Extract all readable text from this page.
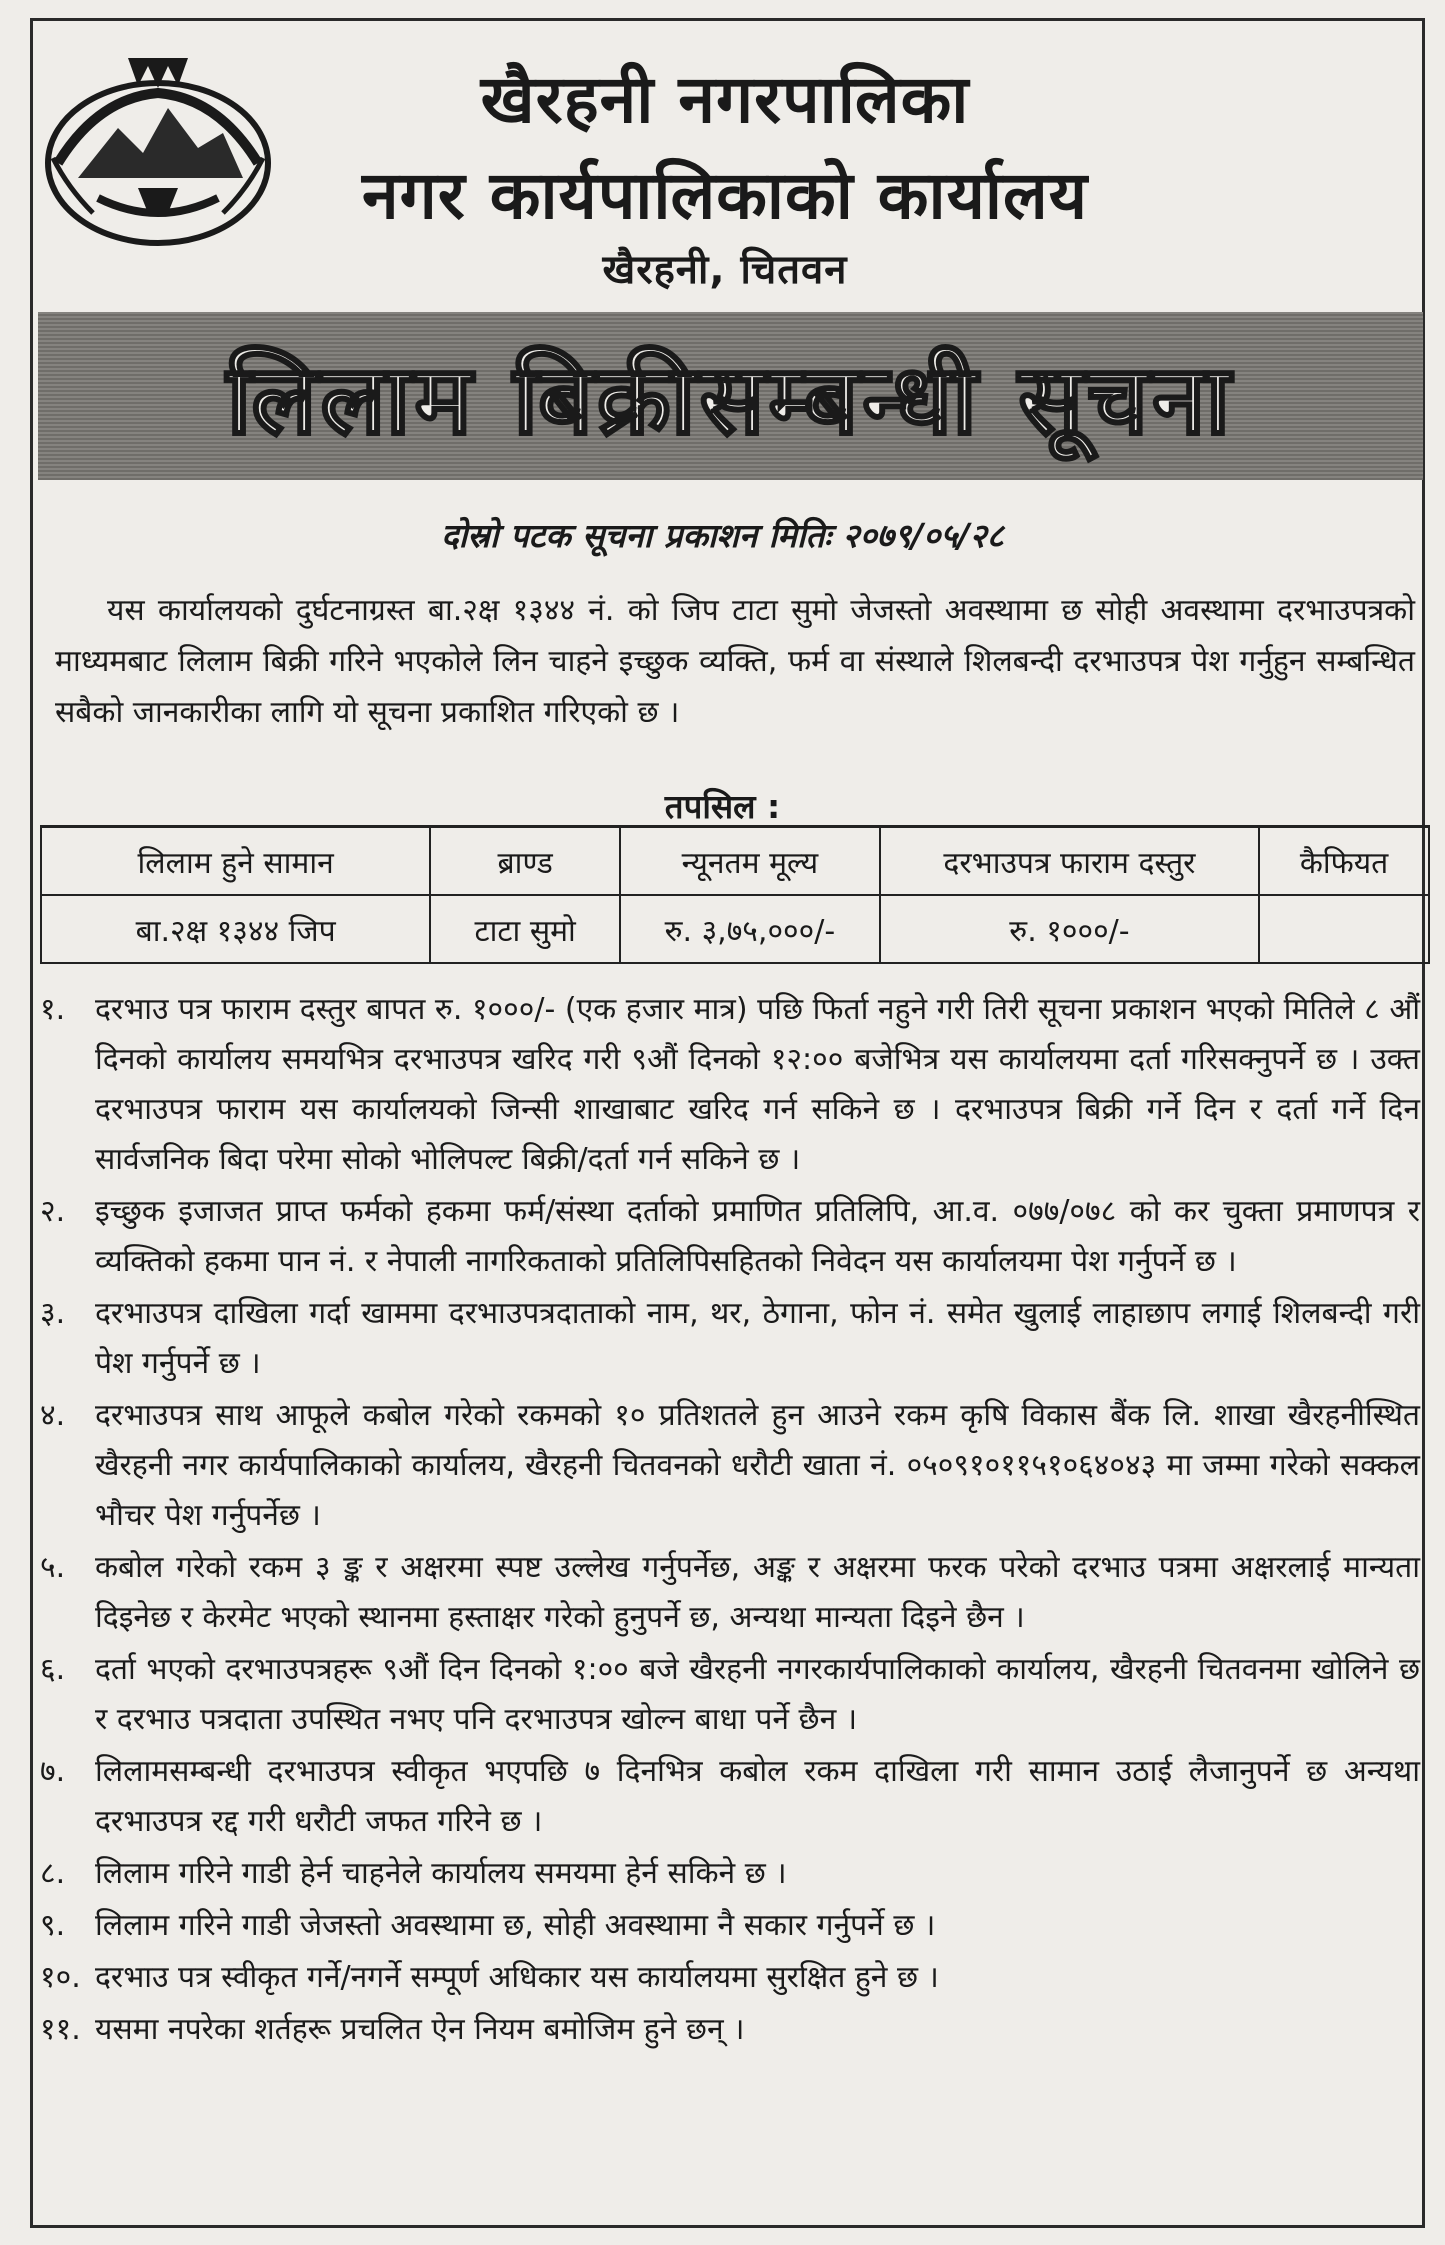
खैरहनी नगरपालिका
नगर कार्यपालिकाको कार्यालय
खैरहनी, चितवन
लिलाम बिक्रीसम्बन्धी सूचना
दोस्रो पटक सूचना प्रकाशन मितिः २०७९/०५/२८
यस कार्यालयको दुर्घटनाग्रस्त बा.२क्ष १३४४ नं. को जिप टाटा सुमो जेजस्तो अवस्थामा छ सोही अवस्थामा दरभाउपत्रको माध्यमबाट लिलाम बिक्री गरिने भएकोले लिन चाहने इच्छुक व्यक्ति, फर्म वा संस्थाले शिलबन्दी दरभाउपत्र पेश गर्नुहुन सम्बन्धित सबैको जानकारीका लागि यो सूचना प्रकाशित गरिएको छ ।
तपसिल :
लिलाम हुने सामान	ब्राण्ड	न्यूनतम मूल्य	दरभाउपत्र फाराम दस्तुर	कैफियत
बा.२क्ष १३४४ जिप	टाटा सुमो	रु. ३,७५,०००/-	रु. १०००/-	
१. दरभाउ पत्र फाराम दस्तुर बापत रु. १०००/- (एक हजार मात्र) पछि फिर्ता नहुने गरी तिरी सूचना प्रकाशन भएको मितिले ८ औं दिनको कार्यालय समयभित्र दरभाउपत्र खरिद गरी ९औं दिनको १२:०० बजेभित्र यस कार्यालयमा दर्ता गरिसक्नुपर्ने छ । उक्त दरभाउपत्र फाराम यस कार्यालयको जिन्सी शाखाबाट खरिद गर्न सकिने छ । दरभाउपत्र बिक्री गर्ने दिन र दर्ता गर्ने दिन सार्वजनिक बिदा परेमा सोको भोलिपल्ट बिक्री/दर्ता गर्न सकिने छ ।
२. इच्छुक इजाजत प्राप्त फर्मको हकमा फर्म/संस्था दर्ताको प्रमाणित प्रतिलिपि, आ.व. ०७७/०७८ को कर चुक्ता प्रमाणपत्र र व्यक्तिको हकमा पान नं. र नेपाली नागरिकताको प्रतिलिपिसहितको निवेदन यस कार्यालयमा पेश गर्नुपर्ने छ ।
३. दरभाउपत्र दाखिला गर्दा खाममा दरभाउपत्रदाताको नाम, थर, ठेगाना, फोन नं. समेत खुलाई लाहाछाप लगाई शिलबन्दी गरी पेश गर्नुपर्ने छ ।
४. दरभाउपत्र साथ आफूले कबोल गरेको रकमको १० प्रतिशतले हुन आउने रकम कृषि विकास बैंक लि. शाखा खैरहनीस्थित खैरहनी नगर कार्यपालिकाको कार्यालय, खैरहनी चितवनको धरौटी खाता नं. ०५०९१०११५१०६४०४३ मा जम्मा गरेको सक्कल भौचर पेश गर्नुपर्नेछ ।
५. कबोल गरेको रकम ३ ङ्क र अक्षरमा स्पष्ट उल्लेख गर्नुपर्नेछ, अङ्क र अक्षरमा फरक परेको दरभाउ पत्रमा अक्षरलाई मान्यता दिइनेछ र केरमेट भएको स्थानमा हस्ताक्षर गरेको हुनुपर्ने छ, अन्यथा मान्यता दिइने छैन ।
६. दर्ता भएको दरभाउपत्रहरू ९औं दिन दिनको १:०० बजे खैरहनी नगरकार्यपालिकाको कार्यालय, खैरहनी चितवनमा खोलिने छ र दरभाउ पत्रदाता उपस्थित नभए पनि दरभाउपत्र खोल्न बाधा पर्ने छैन ।
७. लिलामसम्बन्धी दरभाउपत्र स्वीकृत भएपछि ७ दिनभित्र कबोल रकम दाखिला गरी सामान उठाई लैजानुपर्ने छ अन्यथा दरभाउपत्र रद्द गरी धरौटी जफत गरिने छ ।
८. लिलाम गरिने गाडी हेर्न चाहनेले कार्यालय समयमा हेर्न सकिने छ ।
९. लिलाम गरिने गाडी जेजस्तो अवस्थामा छ, सोही अवस्थामा नै सकार गर्नुपर्ने छ ।
१०. दरभाउ पत्र स्वीकृत गर्ने/नगर्ने सम्पूर्ण अधिकार यस कार्यालयमा सुरक्षित हुने छ ।
११. यसमा नपरेका शर्तहरू प्रचलित ऐन नियम बमोजिम हुने छन् ।
